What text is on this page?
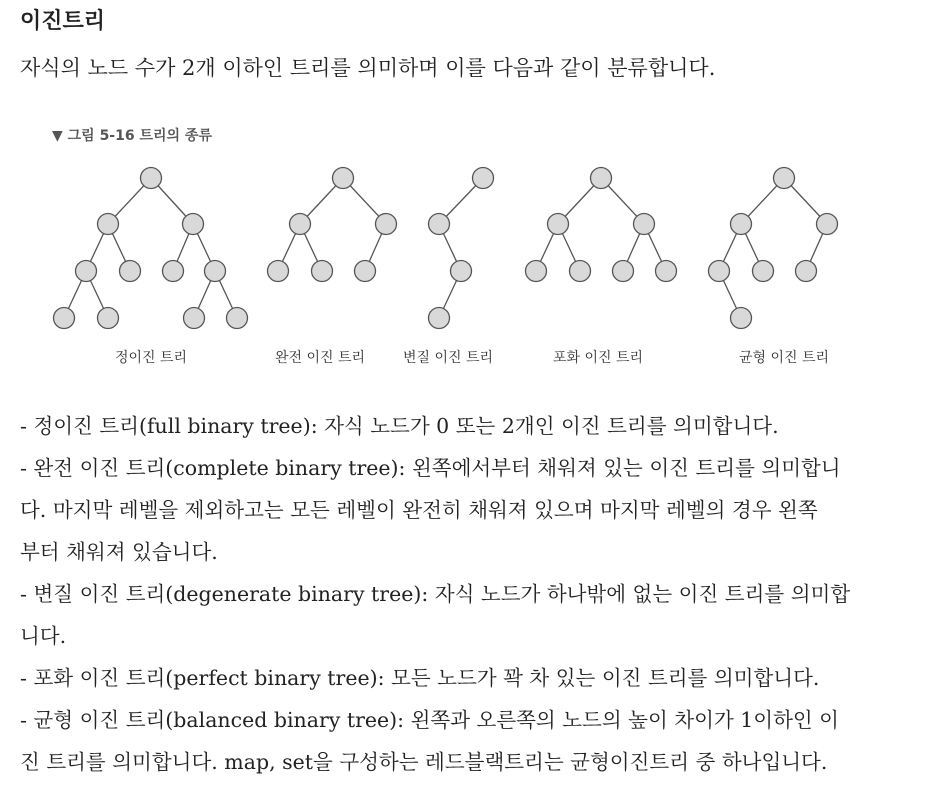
이진트리
자식의 노드 수가 2개 이하인 트리를 의미하며 이를 다음과 같이 분류합니다.
▼ 그림 5-16 트리의 종류
정이진 트리	완전 이진 트리	변질 이진 트리	포화 이진 트리	균형 이진 트리
- 정이진 트리(full binary tree): 자식 노드가 0 또는 2개인 이진 트리를 의미합니다.
- 완전 이진 트리(complete binary tree): 왼쪽에서부터 채워져 있는 이진 트리를 의미합니
다. 마지막 레벨을 제외하고는 모든 레벨이 완전히 채워져 있으며 마지막 레벨의 경우 왼쪽
부터 채워져 있습니다.
- 변질 이진 트리(degenerate binary tree): 자식 노드가 하나밖에 없는 이진 트리를 의미합
니다.
- 포화 이진 트리(perfect binary tree): 모든 노드가 꽉 차 있는 이진 트리를 의미합니다.
- 균형 이진 트리(balanced binary tree): 왼쪽과 오른쪽의 노드의 높이 차이가 1이하인 이
진 트리를 의미합니다. map, set을 구성하는 레드블랙트리는 균형이진트리 중 하나입니다.
